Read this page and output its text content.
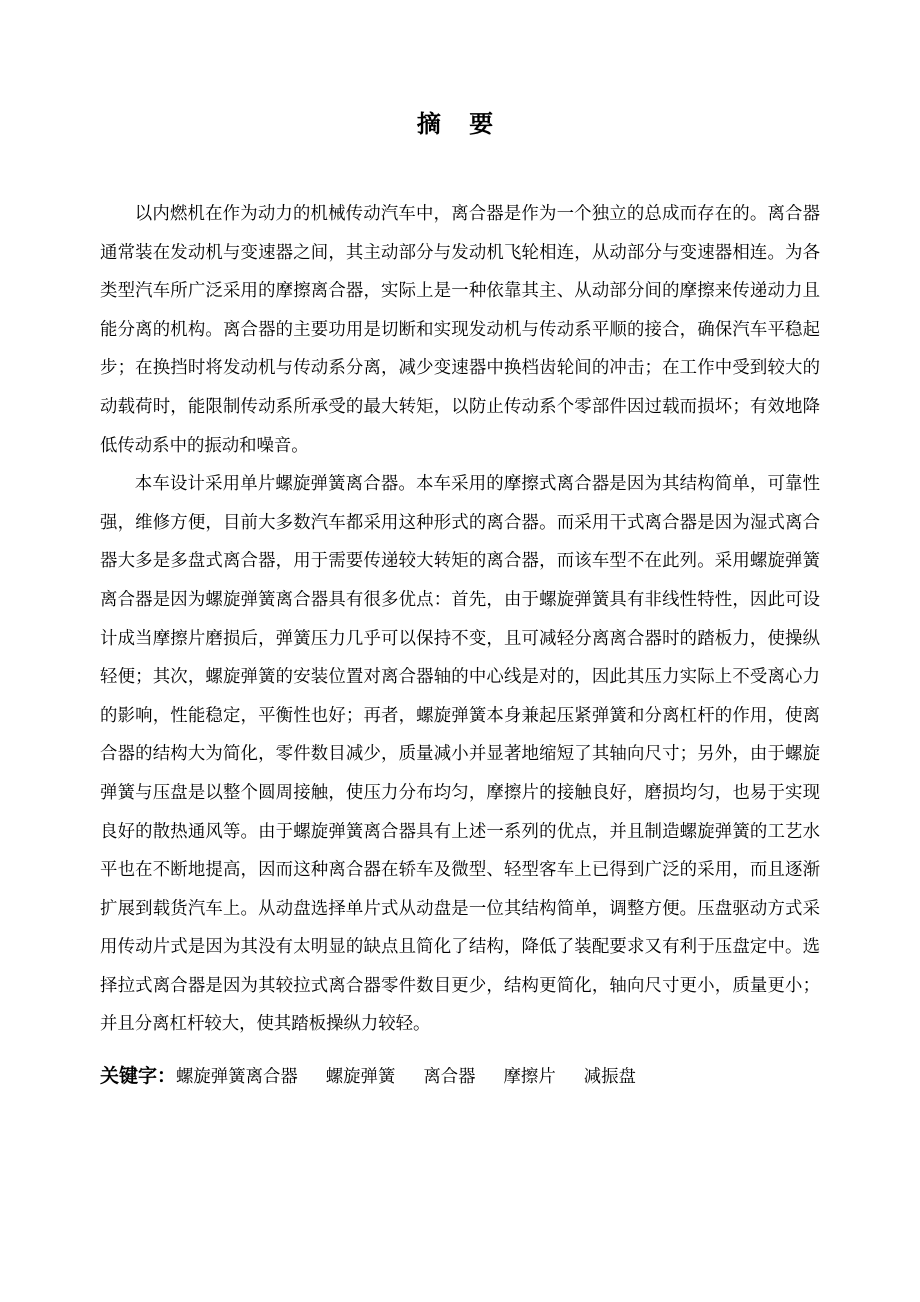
摘 要

以内燃机在作为动力的机械传动汽车中，离合器是作为一个独立的总成而存在的。离合器通常装在发动机与变速器之间，其主动部分与发动机飞轮相连，从动部分与变速器相连。为各类型汽车所广泛采用的摩擦离合器，实际上是一种依靠其主、从动部分间的摩擦来传递动力且能分离的机构。离合器的主要功用是切断和实现发动机与传动系平顺的接合，确保汽车平稳起步；在换挡时将发动机与传动系分离，减少变速器中换档齿轮间的冲击；在工作中受到较大的动载荷时，能限制传动系所承受的最大转矩，以防止传动系个零部件因过载而损坏；有效地降低传动系中的振动和噪音。

本车设计采用单片螺旋弹簧离合器。本车采用的摩擦式离合器是因为其结构简单，可靠性强，维修方便，目前大多数汽车都采用这种形式的离合器。而采用干式离合器是因为湿式离合器大多是多盘式离合器，用于需要传递较大转矩的离合器，而该车型不在此列。采用螺旋弹簧离合器是因为螺旋弹簧离合器具有很多优点：首先，由于螺旋弹簧具有非线性特性，因此可设计成当摩擦片磨损后，弹簧压力几乎可以保持不变，且可减轻分离离合器时的踏板力，使操纵轻便；其次，螺旋弹簧的安装位置对离合器轴的中心线是对的，因此其压力实际上不受离心力的影响，性能稳定，平衡性也好；再者，螺旋弹簧本身兼起压紧弹簧和分离杠杆的作用，使离合器的结构大为简化，零件数目减少，质量减小并显著地缩短了其轴向尺寸；另外，由于螺旋弹簧与压盘是以整个圆周接触，使压力分布均匀，摩擦片的接触良好，磨损均匀，也易于实现良好的散热通风等。由于螺旋弹簧离合器具有上述一系列的优点，并且制造螺旋弹簧的工艺水平也在不断地提高，因而这种离合器在轿车及微型、轻型客车上已得到广泛的采用，而且逐渐扩展到载货汽车上。从动盘选择单片式从动盘是一位其结构简单，调整方便。压盘驱动方式采用传动片式是因为其没有太明显的缺点且简化了结构，降低了装配要求又有利于压盘定中。选择拉式离合器是因为其较拉式离合器零件数目更少，结构更简化，轴向尺寸更小，质量更小；并且分离杠杆较大，使其踏板操纵力较轻。

关键字：螺旋弹簧离合器 螺旋弹簧 离合器 摩擦片 减振盘
